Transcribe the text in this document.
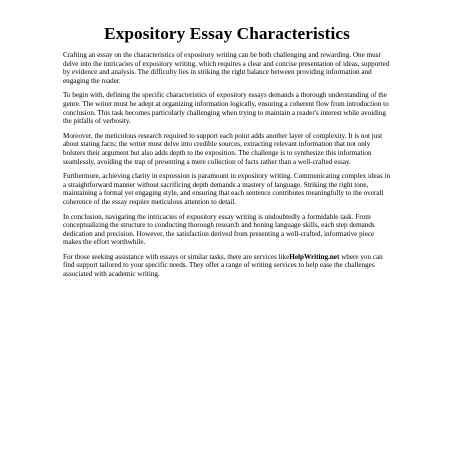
Expository Essay Characteristics

Crafting an essay on the characteristics of expository writing can be both challenging and rewarding. One must delve into the intricacies of expository writing, which requires a clear and concise presentation of ideas, supported by evidence and analysis. The difficulty lies in striking the right balance between providing information and engaging the reader.

To begin with, defining the specific characteristics of expository essays demands a thorough understanding of the genre. The writer must be adept at organizing information logically, ensuring a coherent flow from introduction to conclusion. This task becomes particularly challenging when trying to maintain a reader's interest while avoiding the pitfalls of verbosity.

Moreover, the meticulous research required to support each point adds another layer of complexity. It is not just about stating facts; the writer must delve into credible sources, extracting relevant information that not only bolsters their argument but also adds depth to the exposition. The challenge is to synthesize this information seamlessly, avoiding the trap of presenting a mere collection of facts rather than a well-crafted essay.

Furthermore, achieving clarity in expression is paramount in expository writing. Communicating complex ideas in a straightforward manner without sacrificing depth demands a mastery of language. Striking the right tone, maintaining a formal yet engaging style, and ensuring that each sentence contributes meaningfully to the overall coherence of the essay require meticulous attention to detail.

In conclusion, navigating the intricacies of expository essay writing is undoubtedly a formidable task. From conceptualizing the structure to conducting thorough research and honing language skills, each step demands dedication and precision. However, the satisfaction derived from presenting a well-crafted, informative piece makes the effort worthwhile.

For those seeking assistance with essays or similar tasks, there are services likeHelpWriting.net where you can find support tailored to your specific needs. They offer a range of writing services to help ease the challenges associated with academic writing.
